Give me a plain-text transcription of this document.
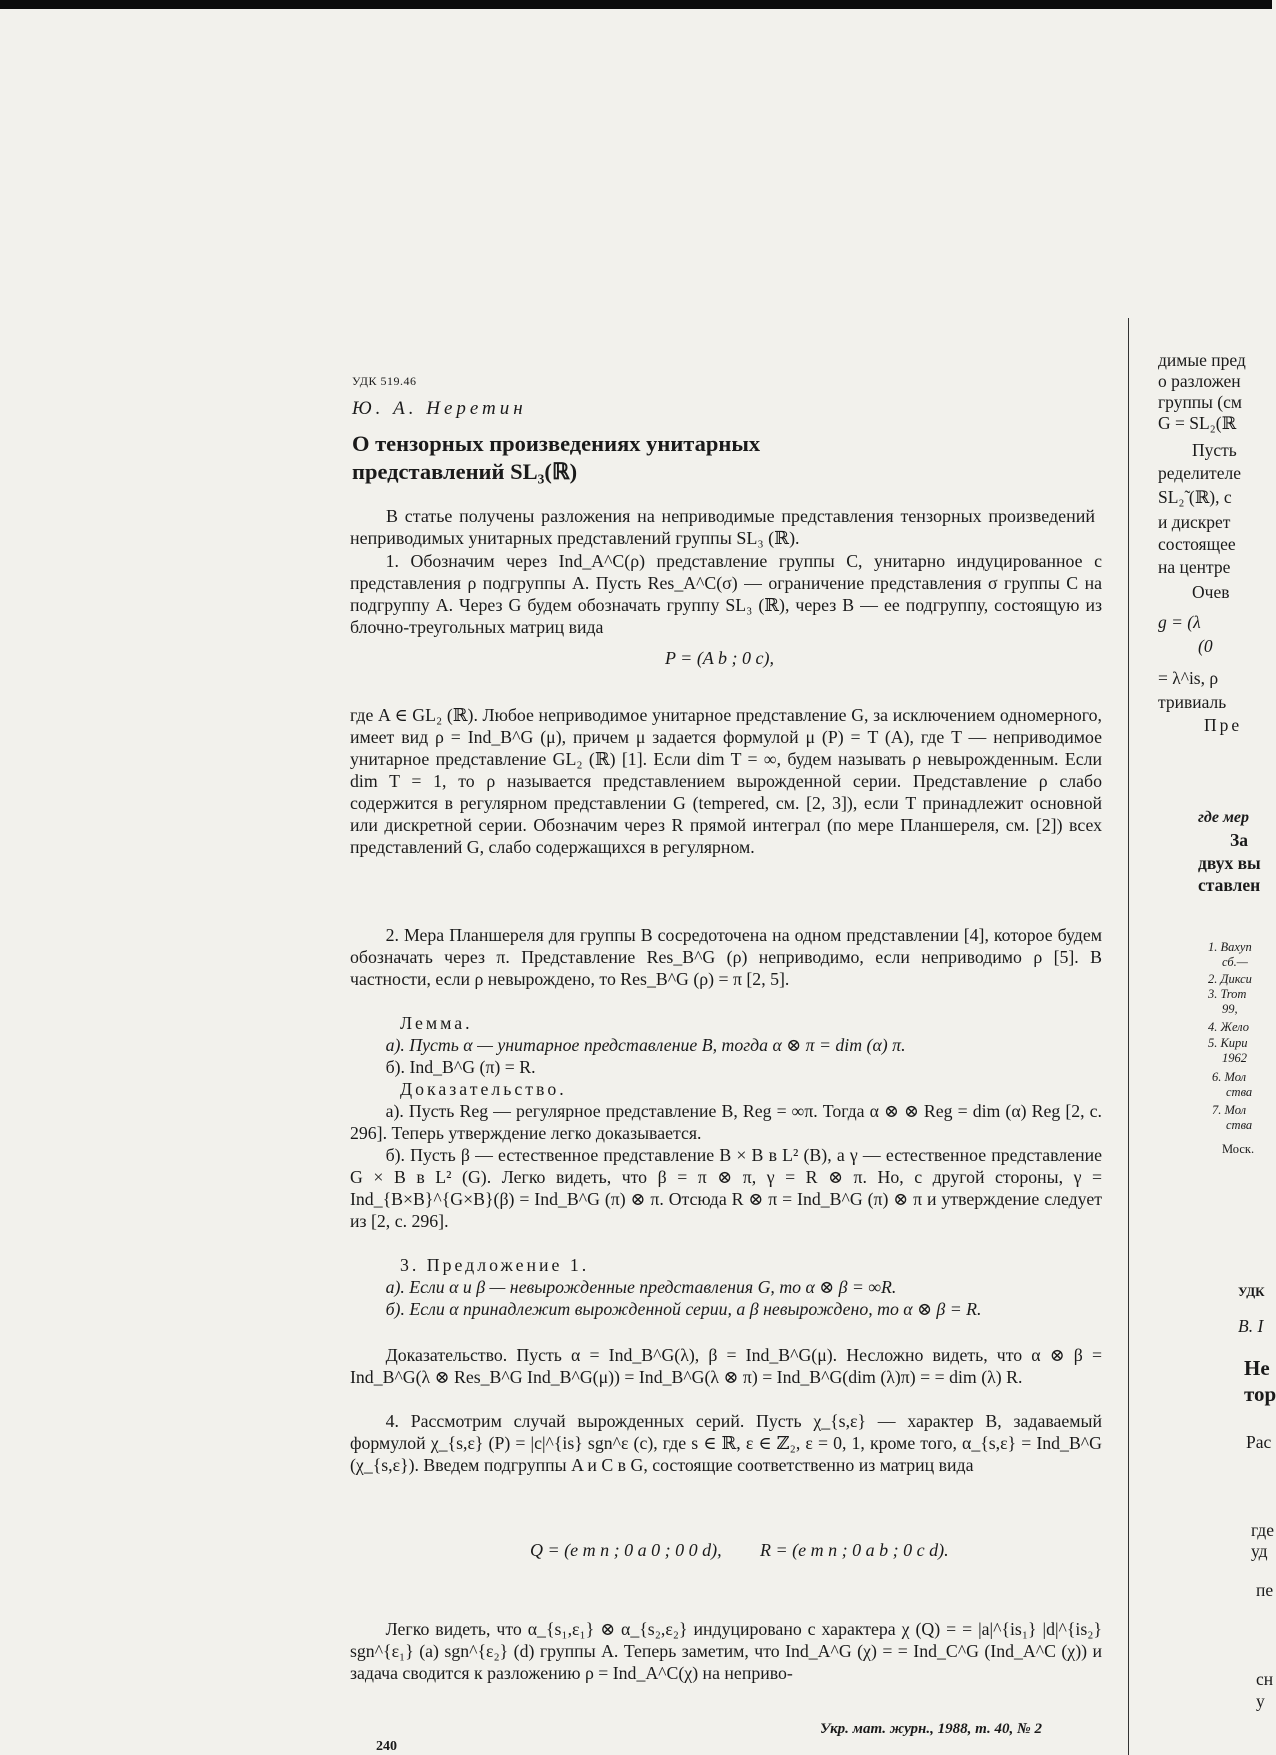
УДК 519.46
Ю. А. Неретин
О тензорных произведениях унитарных
представлений SL₃(ℝ)
В статье получены разложения на неприводимые представления тензорных произведений неприводимых унитарных представлений группы SL₃ (ℝ).
1. Обозначим через Ind_A^C(ρ) представление группы C, унитарно индуцированное с представления ρ подгруппы A. Пусть Res_A^C(σ) — ограничение представления σ группы C на подгруппу A. Через G будем обозначать группу SL₃ (ℝ), через B — ее подгруппу, состоящую из блочно-треугольных матриц вида
P = (A b ; 0 c),
где A ∈ GL₂ (ℝ). Любое неприводимое унитарное представление G, за исключением одномерного, имеет вид ρ = Ind_B^G (μ), причем μ задается формулой μ (P) = T (A), где T — неприводимое унитарное представление GL₂ (ℝ) [1]. Если dim T = ∞, будем называть ρ невырожденным. Если dim T = 1, то ρ называется представлением вырожденной серии. Представление ρ слабо содержится в регулярном представлении G (tempered, см. [2, 3]), если T принадлежит основной или дискретной серии. Обозначим через R прямой интеграл (по мере Планшереля, см. [2]) всех представлений G, слабо содержащихся в регулярном.
2. Мера Планшереля для группы B сосредоточена на одном представлении [4], которое будем обозначать через π. Представление Res_B^G (ρ) неприводимо, если неприводимо ρ [5]. В частности, если ρ невырождено, то Res_B^G (ρ) = π [2, 5].
Лемма.
а). Пусть α — унитарное представление B, тогда α ⊗ π = dim (α) π.
б). Ind_B^G (π) = R.
Доказательство.
а). Пусть Reg — регулярное представление B, Reg = ∞π. Тогда α ⊗ ⊗ Reg = dim (α) Reg [2, с. 296]. Теперь утверждение легко доказывается.
б). Пусть β — естественное представление B × B в L² (B), а γ — естественное представление G × B в L² (G). Легко видеть, что β = π ⊗ π, γ = R ⊗ π. Но, с другой стороны, γ = Ind_{B×B}^{G×B}(β) = Ind_B^G (π) ⊗ π. Отсюда R ⊗ π = Ind_B^G (π) ⊗ π и утверждение следует из [2, с. 296].
3. Предложение 1.
а). Если α и β — невырожденные представления G, то α ⊗ β = ∞R.
б). Если α принадлежит вырожденной серии, а β невырождено, то α ⊗ β = R.
Доказательство. Пусть α = Ind_B^G(λ), β = Ind_B^G(μ). Несложно видеть, что α ⊗ β = Ind_B^G(λ ⊗ Res_B^G Ind_B^G(μ)) = Ind_B^G(λ ⊗ π) = Ind_B^G(dim (λ)π) = = dim (λ) R.
4. Рассмотрим случай вырожденных серий. Пусть χ_{s,ε} — характер B, задаваемый формулой χ_{s,ε} (P) = |c|^{is} sgn^ε (c), где s ∈ ℝ, ε ∈ ℤ₂, ε = 0, 1, кроме того, α_{s,ε} = Ind_B^G (χ_{s,ε}). Введем подгруппы A и C в G, состоящие соответственно из матриц вида
Q = (e m n ; 0 a 0 ; 0 0 d), R = (e m n ; 0 a b ; 0 c d).
Легко видеть, что α_{s₁,ε₁} ⊗ α_{s₂,ε₂} индуцировано с характера χ (Q) = = |a|^{is₁} |d|^{is₂} sgn^{ε₁} (a) sgn^{ε₂} (d) группы A. Теперь заметим, что Ind_A^G (χ) = = Ind_C^G (Ind_A^C (χ)) и задача сводится к разложению ρ = Ind_A^C(χ) на неприво-
Укр. мат. журн., 1988, т. 40, № 2
240
димые пред
о разложен
группы (см
G = SL₂(ℝ
Пусть
ределителе
SL₂̃ (ℝ), с
и дискрет
состоящее
на центре
Очев
g = (λ
(0
= λ^is, ρ
тривиаль
Пре
где мер
За
двух вы
ставлен
1. Вахуп
сб.—
2. Дикси
3. Trom
99,
4. Жело
5. Кири
1962
6. Мол
ства
7. Мол
ства
Моск.
УДК
В. I
Не
тор
Рас
где
уд
пе
сн
у
